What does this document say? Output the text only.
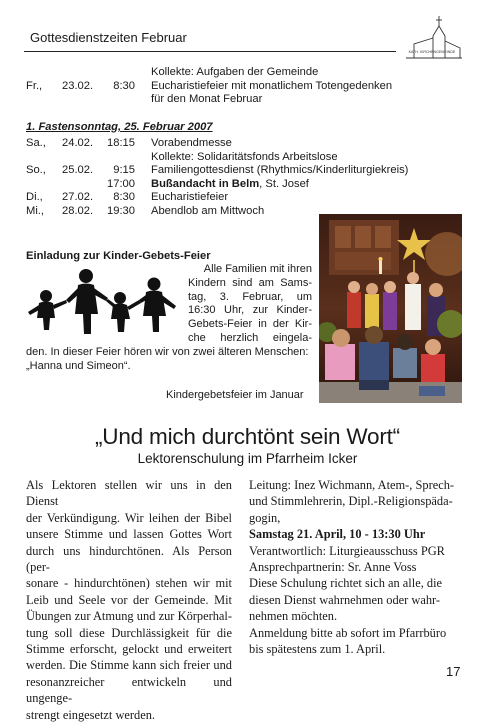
Gottesdienstzeiten Februar
KATH. KIRCHENGEMEINDE
Kollekte: Aufgaben der Gemeinde
Fr., 23.02.	8:30 Eucharistiefeier mit monatlichem Totengedenken
für den Monat Februar
1. Fastensonntag, 25. Februar 2007
Sa., 24.02.	18:15 Vorabendmesse
Kollekte: Solidaritätsfonds Arbeitslose
So., 25.02.	9:15 Familiengottesdienst (Rhythmics/Kinderliturgiekreis)
17:00 Bußandacht in Belm, St. Josef
Di., 27.02.	8:30 Eucharistiefeier
Mi., 28.02.	19:30 Abendlob am Mittwoch
Einladung zur Kinder-Gebets-Feier
Alle Familien mit ihren
Kindern sind am Sams-
tag, 3. Februar, um
16:30 Uhr, zur Kinder-
Gebets-Feier in der Kir-
che herzlich eingela-
den. In dieser Feier hören wir von zwei älteren Menschen:
„Hanna und Simeon“.
Kindergebetsfeier im Januar
„Und mich durchtönt sein Wort“
Lektorenschulung im Pfarrheim Icker
Als Lektoren stellen wir uns in den Dienst
der Verkündigung. Wir leihen der Bibel
unsere Stimme und lassen Gottes Wort
durch uns hindurchtönen. Als Person (per-
sonare - hindurchtönen) stehen wir mit
Leib und Seele vor der Gemeinde. Mit
Übungen zur Atmung und zur Körperhal-
tung soll diese Durchlässigkeit für die
Stimme erforscht, gelockt und erweitert
werden. Die Stimme kann sich freier und
resonanzreicher entwickeln und ungenge-
strengt eingesetzt werden.
Leitung: Inez Wichmann, Atem-, Sprech-
und Stimmlehrerin, Dipl.-Religionspäda-
gogin,
Samstag 21. April, 10 - 13:30 Uhr
Verantwortlich: Liturgieausschuss PGR
Ansprechpartnerin: Sr. Anne Voss
Diese Schulung richtet sich an alle, die
diesen Dienst wahrnehmen oder wahr-
nehmen möchten.
Anmeldung bitte ab sofort im Pfarrbüro
bis spätestens zum 1. April.
17
